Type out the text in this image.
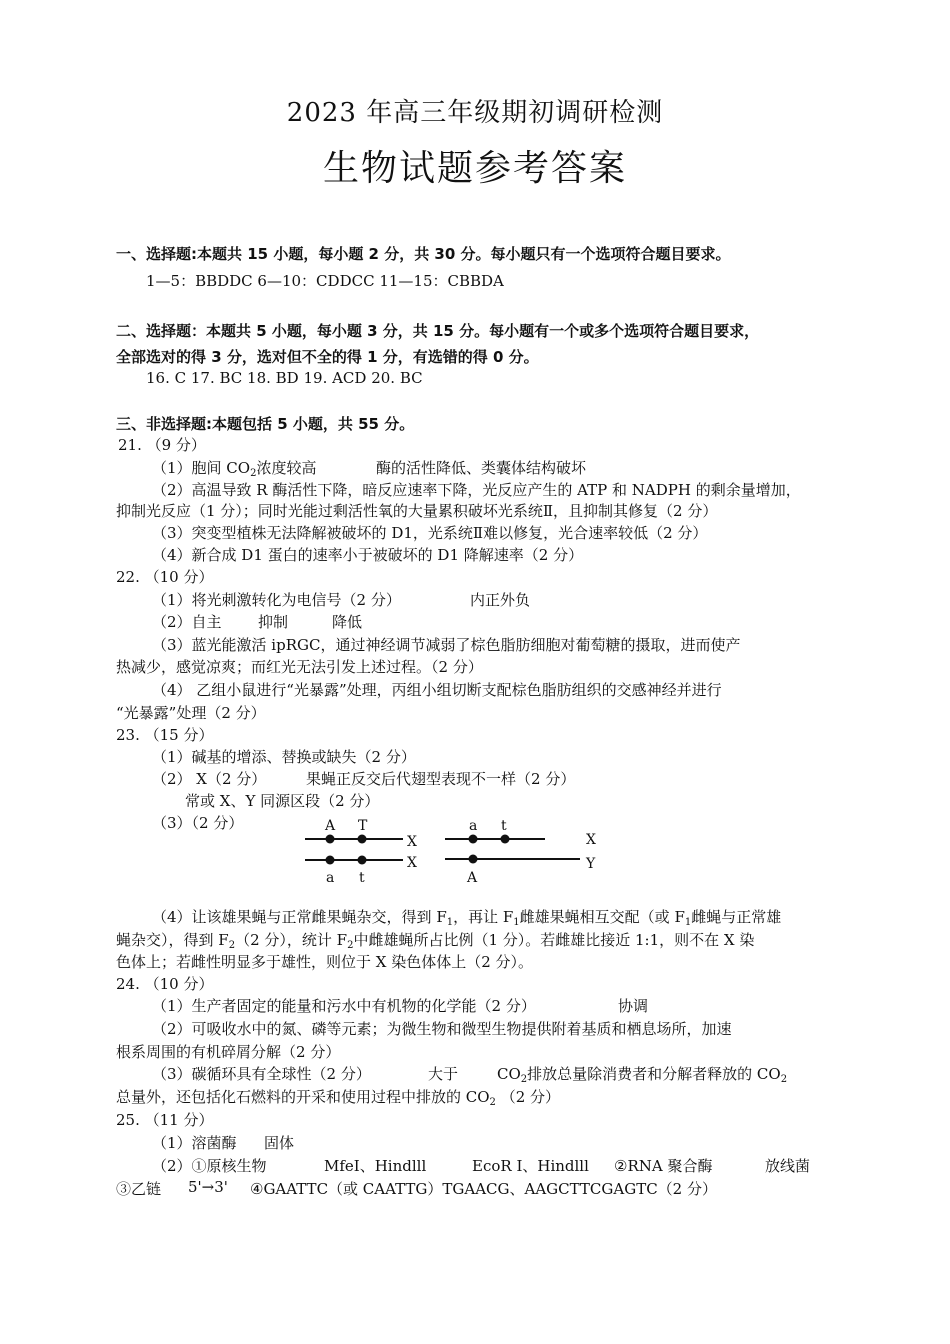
2023 年高三年级期初调研检测
生物试题参考答案
一、选择题:本题共 15 小题，每小题 2 分，共 30 分。每小题只有一个选项符合题目要求。
1—5：BBDDC 6—10：CDDCC 11—15：CBBDA
二、选择题：本题共 5 小题，每小题 3 分，共 15 分。每小题有一个或多个选项符合题目要求，
全部选对的得 3 分，选对但不全的得 1 分，有选错的得 0 分。
16. C 17. BC 18. BD 19. ACD 20. BC
三、非选择题:本题包括 5 小题，共 55 分。
21. （9 分）
（1）胞间 $CO_2$浓度较高	酶的活性降低、类囊体结构破坏
（2）高温导致 R 酶活性下降，暗反应速率下降，光反应产生的 ATP 和 NADPH 的剩余量增加，
抑制光反应（1 分）；同时光能过剩活性氧的大量累积破坏光系统Ⅱ，且抑制其修复（2 分）
（3）突变型植株无法降解被破坏的 D1，光系统Ⅱ难以修复，光合速率较低（2 分）
（4）新合成 D1 蛋白的速率小于被破坏的 D1 降解速率（2 分）
22. （10 分）
（1）将光刺激转化为电信号（2 分）	内正外负
（2）自主 抑制	降低
（3）蓝光能激活 ipRGC，通过神经调节减弱了棕色脂肪细胞对葡萄糖的摄取，进而使产
热减少，感觉凉爽；而红光无法引发上述过程。（2 分）
（4） 乙组小鼠进行“光暴露”处理，丙组小组切断支配棕色脂肪组织的交感神经并进行
“光暴露”处理（2 分）
23. （15 分）
（1）碱基的增添、替换或缺失（2 分）
（2） X（2 分）	果蝇正反交后代翅型表现不一样（2 分）
常或 X、Y 同源区段（2 分）
（3）（2 分）	A T
a t
X
X
a t
A
X
Y
（4）让该雄果蝇与正常雌果蝇杂交，得到 $F_1$，再让 $F_1$雌雄果蝇相互交配（或 $F_1$雌蝇与正常雄
蝇杂交），得到 $F_2(2$ 分），统计 $F_2$中雌雄蝇所占比例（1 分）。若雌雄比接近 1:1，则不在 X 染
色体上；若雌性明显多于雄性，则位于 X 染色体体上（2 分）。
24. （10 分）
（1）生产者固定的能量和污水中有机物的化学能（2 分）	协调
（2）可吸收水中的氮、磷等元素；为微生物和微型生物提供附着基质和栖息场所，加速
根系周围的有机碎屑分解（2 分）
（3）碳循环具有全球性（2 分）	大于	$CO_2$排放总量除消费者和分解者释放的 $CO_2$
总量外，还包括化石燃料的开采和使用过程中排放的 $CO_2$ （2 分）
25. （11 分）
（1）溶菌酶 固体
（2）①原核生物	MfeI、Hindlll	EcoR I、Hindlll ②RNA 聚合酶	放线菌
③乙链 5'→3' ④GAATTC（或 CAATTG）TGAACG、AAGCTTCGAGTC（2 分）
